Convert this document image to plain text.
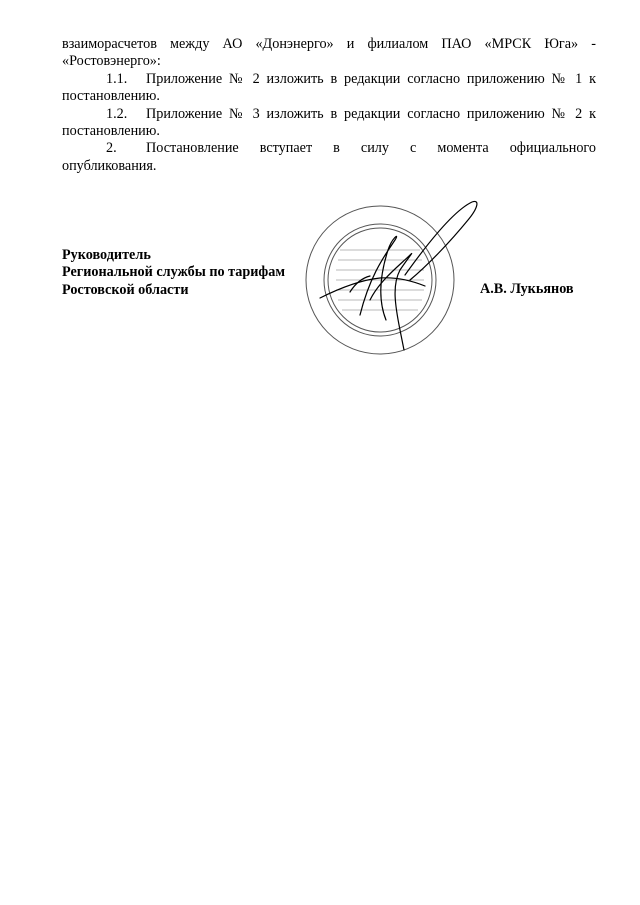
взаиморасчетов между АО «Донэнерго» и филиалом ПАО «МРСК Юга» -
«Ростовэнерго»:
1.1.	Приложение № 2 изложить в редакции согласно приложению № 1 к
постановлению.
1.2.	Приложение № 3 изложить в редакции согласно приложению № 2 к
постановлению.
2.	Постановление вступает в силу с момента официального
опубликования.
Руководитель
Региональной службы по тарифам
Ростовской области	А.В. Лукьянов
